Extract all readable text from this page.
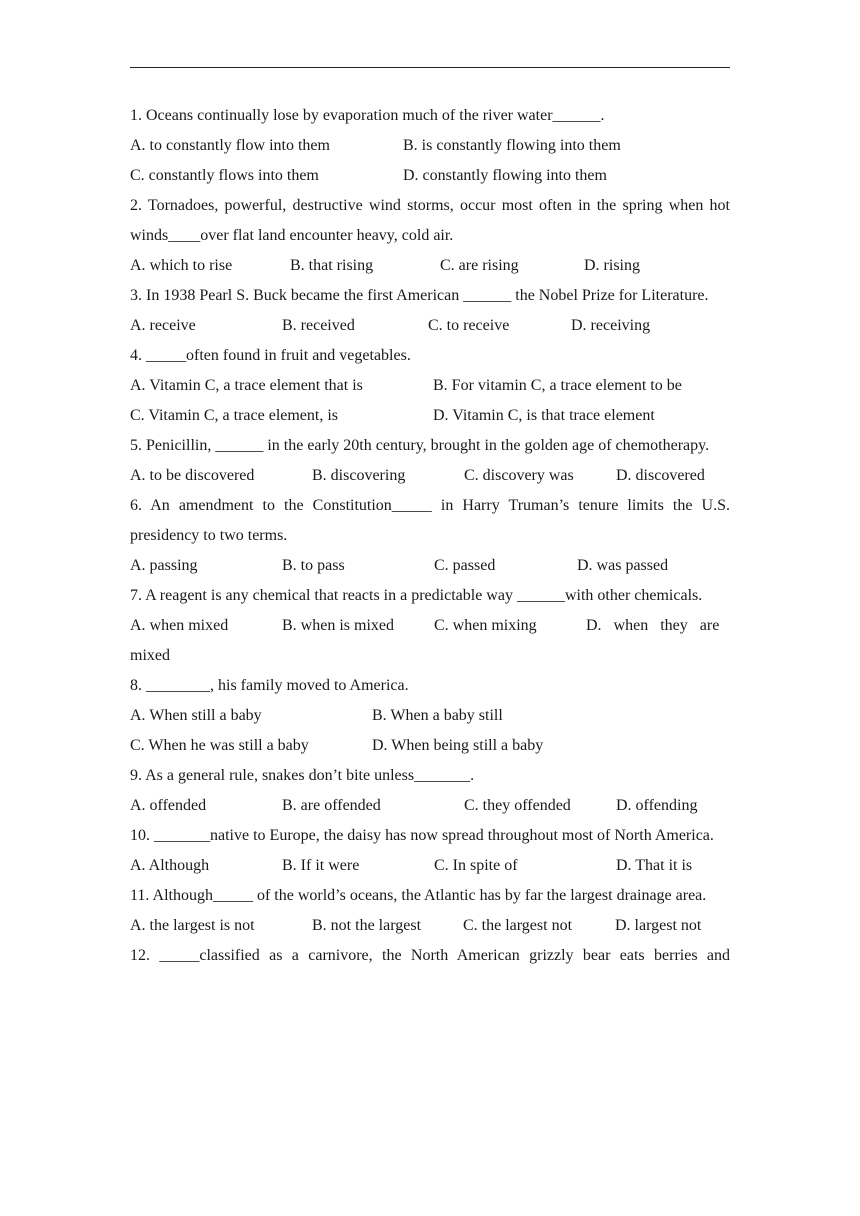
1. Oceans continually lose by evaporation much of the river water______.

A. to constantly flow into them	B. is constantly flowing into them
C. constantly flows into them	D. constantly flowing into them

2. Tornadoes, powerful, destructive wind storms, occur most often in the spring when hot winds____over flat land encounter heavy, cold air.

A. which to rise	B. that rising	C. are rising	D. rising

3. In 1938 Pearl S. Buck became the first American ______ the Nobel Prize for Literature.

A. receive	B. received	C. to receive	D. receiving

4. _____often found in fruit and vegetables.

A. Vitamin C, a trace element that is	B. For vitamin C, a trace element to be
C. Vitamin C, a trace element, is	D. Vitamin C, is that trace element

5. Penicillin, ______ in the early 20th century, brought in the golden age of chemotherapy.

A. to be discovered	B. discovering	C. discovery was	D. discovered

6. An amendment to the Constitution_____ in Harry Truman’s tenure limits the U.S. presidency to two terms.

A. passing	B. to pass	C. passed	D. was passed

7. A reagent is any chemical that reacts in a predictable way ______with other chemicals.

A. when mixed	B. when is mixed	C. when mixing	D.   when   they   are

mixed

8. ________, his family moved to America.

A. When still a baby	B. When a baby still
C. When he was still a baby	D. When being still a baby

9. As a general rule, snakes don’t bite unless_______.

A. offended	B. are offended	C. they offended	D. offending

10. _______native to Europe, the daisy has now spread throughout most of North America.

A. Although	B. If it were	C. In spite of	D. That it is

11. Although_____ of the world’s oceans, the Atlantic has by far the largest drainage area.

A. the largest is not	B. not the largest	C. the largest not	D. largest not

12. _____classified as a carnivore, the North American grizzly bear eats berries and
